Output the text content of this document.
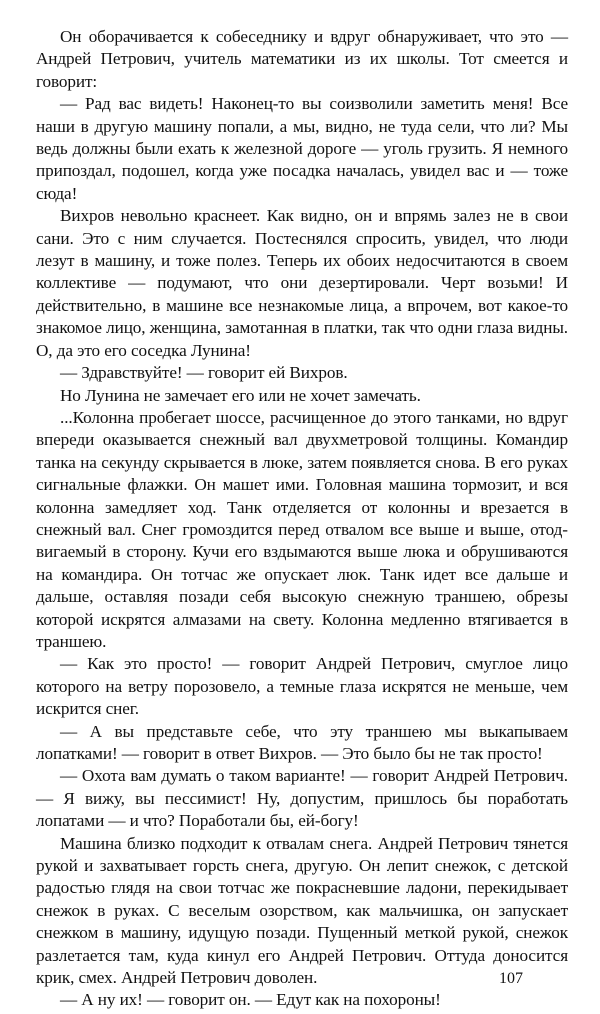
Он оборачивается к собеседнику и вдруг обнаруживает, что это — Андрей Петрович, учитель математики из их школы. Тот смеется и говорит:

— Рад вас видеть! Наконец-то вы соизволили заметить меня! Все наши в другую машину попали, а мы, видно, не туда сели, что ли? Мы ведь должны были ехать к железной дороге — уголь грузить. Я немного припоздал, подошел, когда уже посадка началась, увидел вас и — тоже сюда!

Вихров невольно краснеет. Как видно, он и впрямь залез не в свои сани. Это с ним случается. Постеснялся спросить, увидел, что люди лезут в машину, и тоже полез. Теперь их обоих недосчитаются в своем коллективе — подумают, что они дезертировали. Черт возьми! И действительно, в машине все незнакомые лица, а впрочем, вот какое-то знакомое лицо, женщина, замотанная в платки, так что одни глаза видны. О, да это его соседка Лунина!

— Здравствуйте! — говорит ей Вихров.

Но Лунина не замечает его или не хочет замечать.

...Колонна пробегает шоссе, расчищенное до этого танками, но вдруг впереди оказывается снежный вал двухметровой толщины. Командир танка на секунду скрывается в люке, затем появляется снова. В его руках сигнальные флажки. Он машет ими. Головная машина тормозит, и вся колонна замедляет ход. Танк отделяется от колонны и врезается в снежный вал. Снег громоздится перед отвалом все выше и выше, отодвигаемый в сторону. Кучи его вздымаются выше люка и обрушиваются на командира. Он тотчас же опускает люк. Танк идет все дальше и дальше, оставляя позади себя высокую снежную траншею, обрезы которой искрятся алмазами на свету. Колонна медленно втягивается в траншею.

— Как это просто! — говорит Андрей Петрович, смуглое лицо которого на ветру порозовело, а темные глаза искрятся не меньше, чем искрится снег.

— А вы представьте себе, что эту траншею мы выкапываем лопатками! — говорит в ответ Вихров. — Это было бы не так просто!

— Охота вам думать о таком варианте! — говорит Андрей Петрович. — Я вижу, вы пессимист! Ну, допустим, пришлось бы поработать лопатами — и что? Поработали бы, ей-богу!

Машина близко подходит к отвалам снега. Андрей Петрович тянется рукой и захватывает горсть снега, другую. Он лепит снежок, с детской радостью глядя на свои тотчас же покрасневшие ладони, перекидывает снежок в руках. С веселым озорством, как мальчишка, он запускает снежком в машину, идущую позади. Пущенный меткой рукой, снежок разлетается там, куда кинул его Андрей Петрович. Оттуда доносится крик, смех. Андрей Петрович доволен.

— А ну их! — говорит он. — Едут как на похороны!

107
